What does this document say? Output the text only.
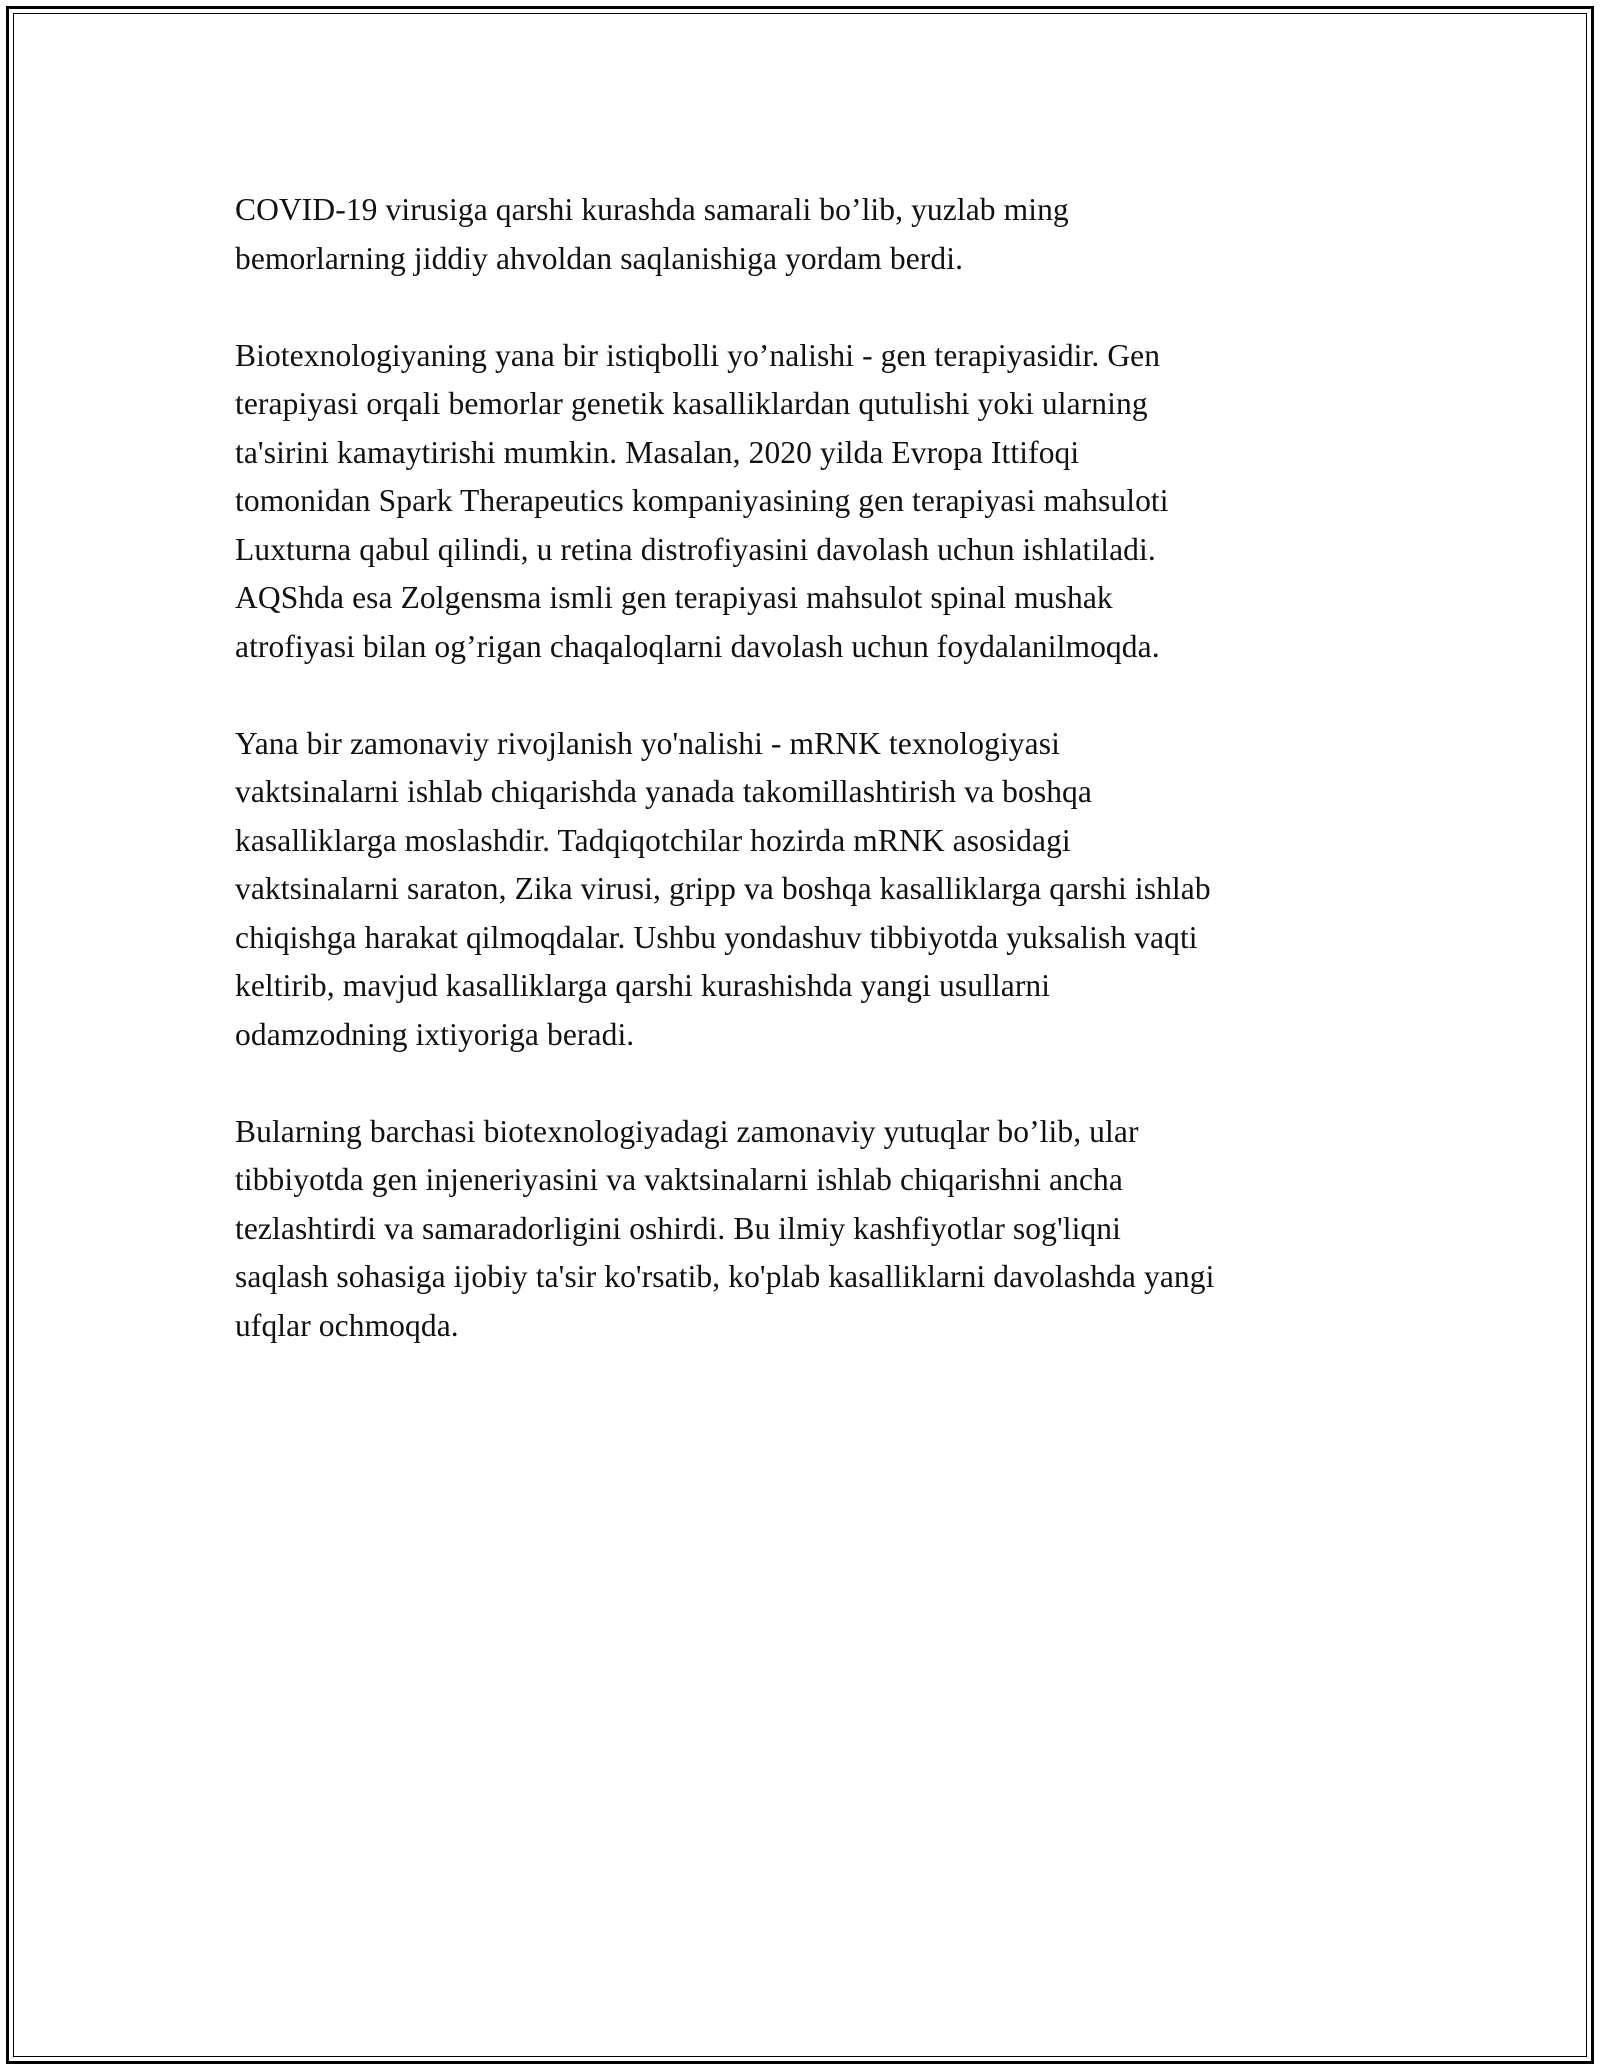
COVID-19 virusiga qarshi kurashda samarali bo’lib, yuzlab ming
bemorlarning jiddiy ahvoldan saqlanishiga yordam berdi.

Biotexnologiyaning yana bir istiqbolli yo’nalishi - gen terapiyasidir. Gen
terapiyasi orqali bemorlar genetik kasalliklardan qutulishi yoki ularning
ta'sirini kamaytirishi mumkin. Masalan, 2020 yilda Evropa Ittifoqi
tomonidan Spark Therapeutics kompaniyasining gen terapiyasi mahsuloti
Luxturna qabul qilindi, u retina distrofiyasini davolash uchun ishlatiladi.
AQShda esa Zolgensma ismli gen terapiyasi mahsulot spinal mushak
atrofiyasi bilan og’rigan chaqaloqlarni davolash uchun foydalanilmoqda.

Yana bir zamonaviy rivojlanish yo'nalishi - mRNK texnologiyasi
vaktsinalarni ishlab chiqarishda yanada takomillashtirish va boshqa
kasalliklarga moslashdir. Tadqiqotchilar hozirda mRNK asosidagi
vaktsinalarni saraton, Zika virusi, gripp va boshqa kasalliklarga qarshi ishlab
chiqishga harakat qilmoqdalar. Ushbu yondashuv tibbiyotda yuksalish vaqti
keltirib, mavjud kasalliklarga qarshi kurashishda yangi usullarni
odamzodning ixtiyoriga beradi.

Bularning barchasi biotexnologiyadagi zamonaviy yutuqlar bo’lib, ular
tibbiyotda gen injeneriyasini va vaktsinalarni ishlab chiqarishni ancha
tezlashtirdi va samaradorligini oshirdi. Bu ilmiy kashfiyotlar sog'liqni
saqlash sohasiga ijobiy ta'sir ko'rsatib, ko'plab kasalliklarni davolashda yangi
ufqlar ochmoqda.
